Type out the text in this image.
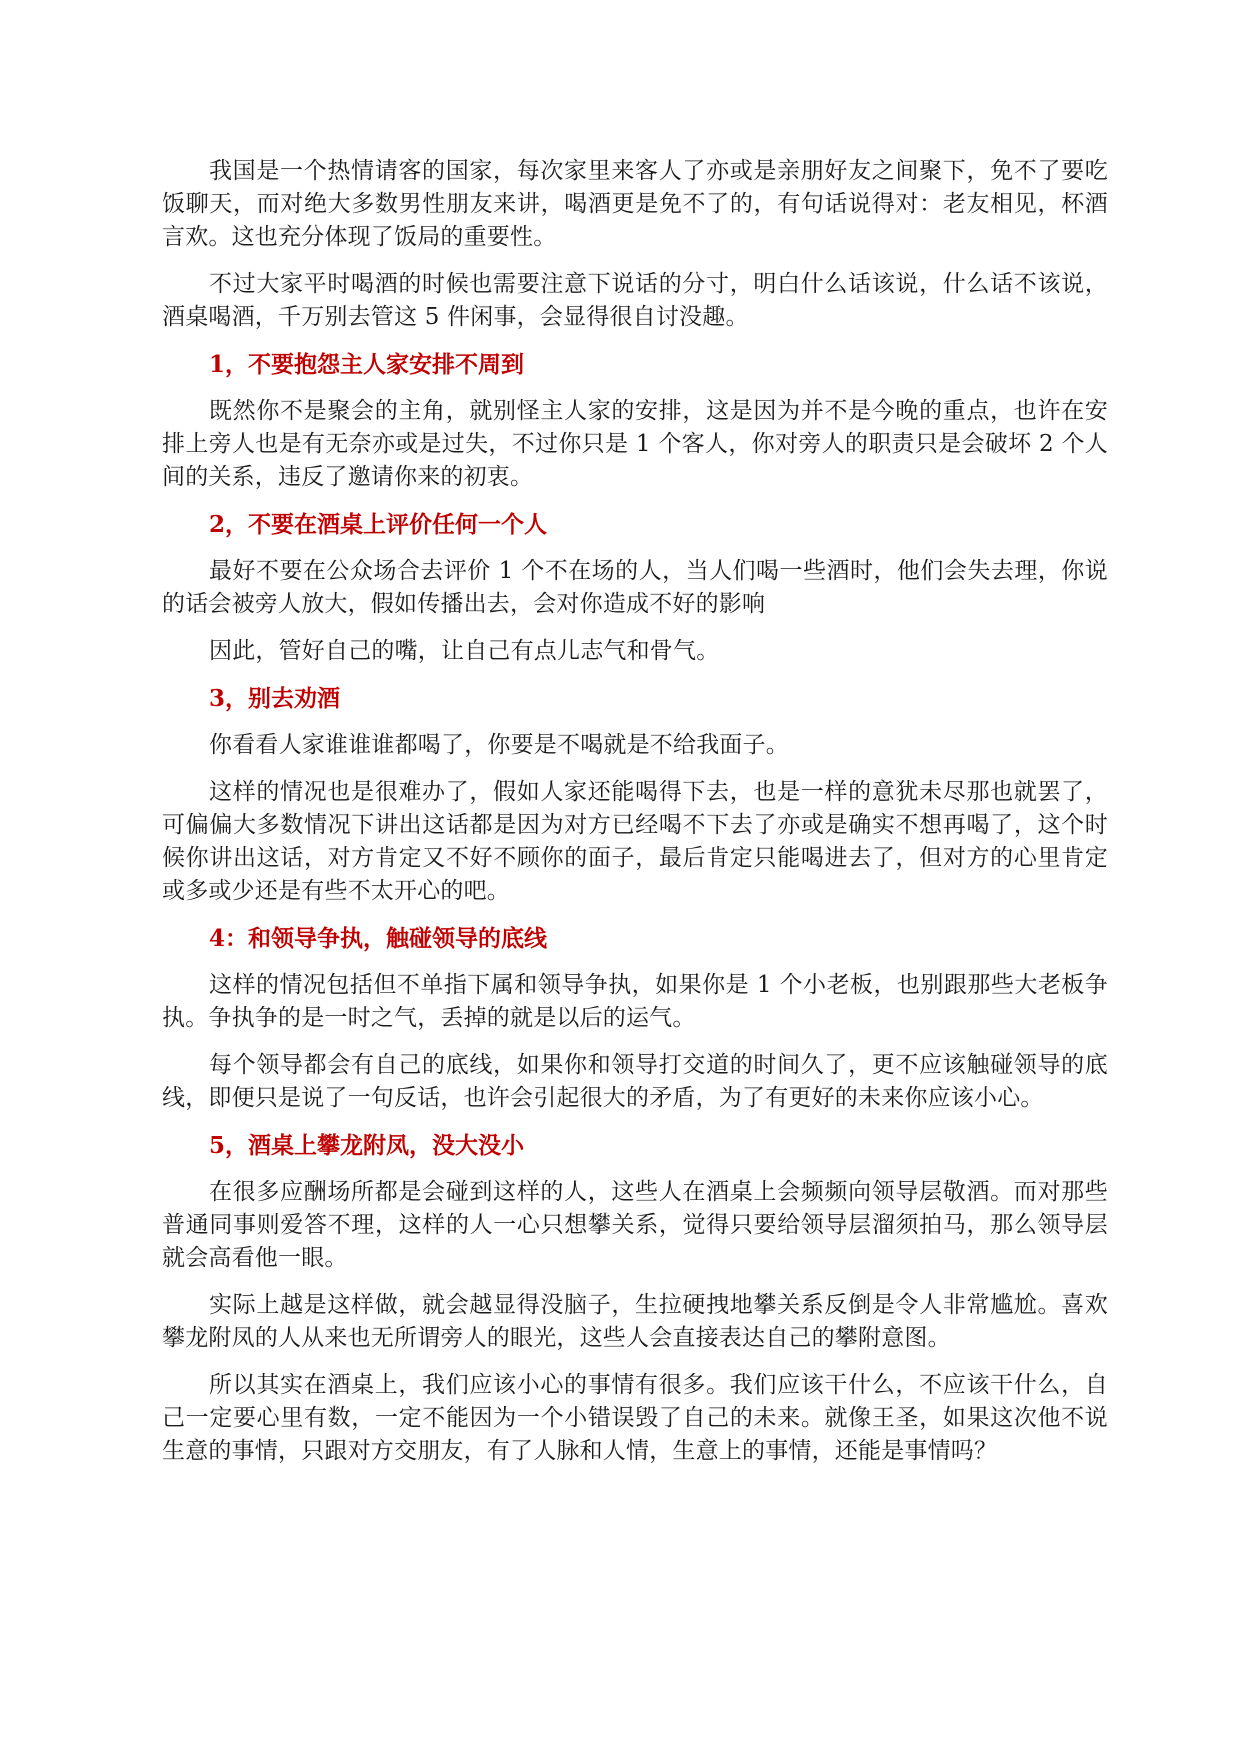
我国是一个热情请客的国家，每次家里来客人了亦或是亲朋好友之间聚下，免不了要吃饭聊天，而对绝大多数男性朋友来讲，喝酒更是免不了的，有句话说得对：老友相见，杯酒言欢。这也充分体现了饭局的重要性。

不过大家平时喝酒的时候也需要注意下说话的分寸，明白什么话该说，什么话不该说，酒桌喝酒，千万别去管这 5 件闲事，会显得很自讨没趣。

1，不要抱怨主人家安排不周到

既然你不是聚会的主角，就别怪主人家的安排，这是因为并不是今晚的重点，也许在安排上旁人也是有无奈亦或是过失，不过你只是 1 个客人，你对旁人的职责只是会破坏 2 个人间的关系，违反了邀请你来的初衷。

2，不要在酒桌上评价任何一个人

最好不要在公众场合去评价 1 个不在场的人，当人们喝一些酒时，他们会失去理，你说的话会被旁人放大，假如传播出去，会对你造成不好的影响

因此，管好自己的嘴，让自己有点儿志气和骨气。

3，别去劝酒

你看看人家谁谁谁都喝了，你要是不喝就是不给我面子。

这样的情况也是很难办了，假如人家还能喝得下去，也是一样的意犹未尽那也就罢了，可偏偏大多数情况下讲出这话都是因为对方已经喝不下去了亦或是确实不想再喝了，这个时候你讲出这话，对方肯定又不好不顾你的面子，最后肯定只能喝进去了，但对方的心里肯定或多或少还是有些不太开心的吧。

4：和领导争执，触碰领导的底线

这样的情况包括但不单指下属和领导争执，如果你是 1 个小老板，也别跟那些大老板争执。争执争的是一时之气，丢掉的就是以后的运气。

每个领导都会有自己的底线，如果你和领导打交道的时间久了，更不应该触碰领导的底线，即便只是说了一句反话，也许会引起很大的矛盾，为了有更好的未来你应该小心。

5，酒桌上攀龙附凤，没大没小

在很多应酬场所都是会碰到这样的人，这些人在酒桌上会频频向领导层敬酒。而对那些普通同事则爱答不理，这样的人一心只想攀关系，觉得只要给领导层溜须拍马，那么领导层就会高看他一眼。

实际上越是这样做，就会越显得没脑子，生拉硬拽地攀关系反倒是令人非常尴尬。喜欢攀龙附凤的人从来也无所谓旁人的眼光，这些人会直接表达自己的攀附意图。

所以其实在酒桌上，我们应该小心的事情有很多。我们应该干什么，不应该干什么，自己一定要心里有数，一定不能因为一个小错误毁了自己的未来。就像王圣，如果这次他不说生意的事情，只跟对方交朋友，有了人脉和人情，生意上的事情，还能是事情吗？
